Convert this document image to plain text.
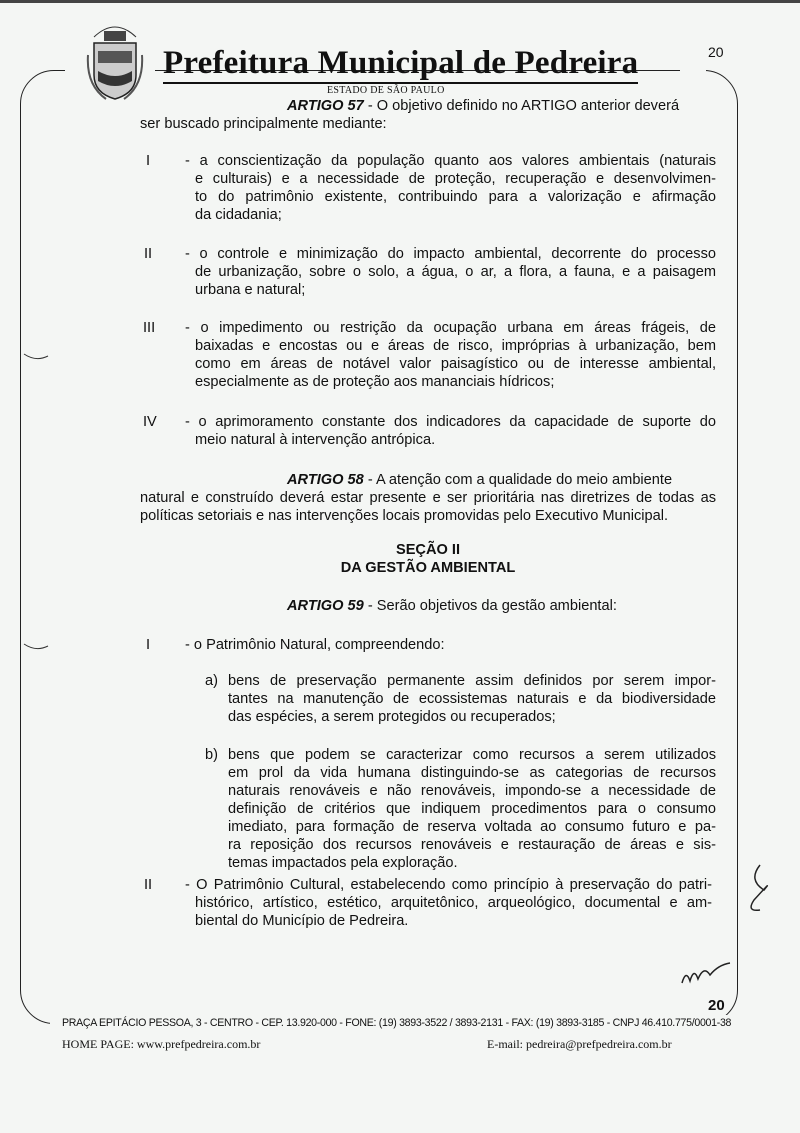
Prefeitura Municipal de Pedreira	20
ESTADO DE SÃO PAULO
ARTIGO 57 - O objetivo definido no ARTIGO anterior deverá
ser buscado principalmente mediante:
I - a conscientização da população quanto aos valores ambientais (naturais
e culturais) e a necessidade de proteção, recuperação e desenvolvimen-
to do patrimônio existente, contribuindo para a valorização e afirmação
da cidadania;
II - o controle e minimização do impacto ambiental, decorrente do processo
de urbanização, sobre o solo, a água, o ar, a flora, a fauna, e a paisagem
urbana e natural;
III - o impedimento ou restrição da ocupação urbana em áreas frágeis, de
baixadas e encostas ou e áreas de risco, impróprias à urbanização, bem
como em áreas de notável valor paisagístico ou de interesse ambiental,
especialmente as de proteção aos mananciais hídricos;
IV - o aprimoramento constante dos indicadores da capacidade de suporte do
meio natural à intervenção antrópica.
ARTIGO 58 - A atenção com a qualidade do meio ambiente
natural e construído deverá estar presente e ser prioritária nas diretrizes de todas as
políticas setoriais e nas intervenções locais promovidas pelo Executivo Municipal.
SEÇÃO II
DA GESTÃO AMBIENTAL
ARTIGO 59 - Serão objetivos da gestão ambiental:
I - o Patrimônio Natural, compreendendo:
a) bens de preservação permanente assim definidos por serem impor-
tantes na manutenção de ecossistemas naturais e da biodiversidade
das espécies, a serem protegidos ou recuperados;
b) bens que podem se caracterizar como recursos a serem utilizados
em prol da vida humana distinguindo-se as categorias de recursos
naturais renováveis e não renováveis, impondo-se a necessidade de
definição de critérios que indiquem procedimentos para o consumo
imediato, para formação de reserva voltada ao consumo futuro e pa-
ra reposição dos recursos renováveis e restauração de áreas e sis-
temas impactados pela exploração.
II - O Patrimônio Cultural, estabelecendo como princípio à preservação do patri-
histórico, artístico, estético, arquitetônico, arqueológico, documental e am-
biental do Município de Pedreira.
PRAÇA EPITÁCIO PESSOA, 3 - CENTRO - CEP. 13.920-000 - FONE: (19) 3893-3522 / 3893-2131 - FAX: (19) 3893-3185 - CNPJ 46.410.775/0001-38
20
HOME PAGE: www.prefpedreira.com.br	E-mail: pedreira@prefpedreira.com.br
